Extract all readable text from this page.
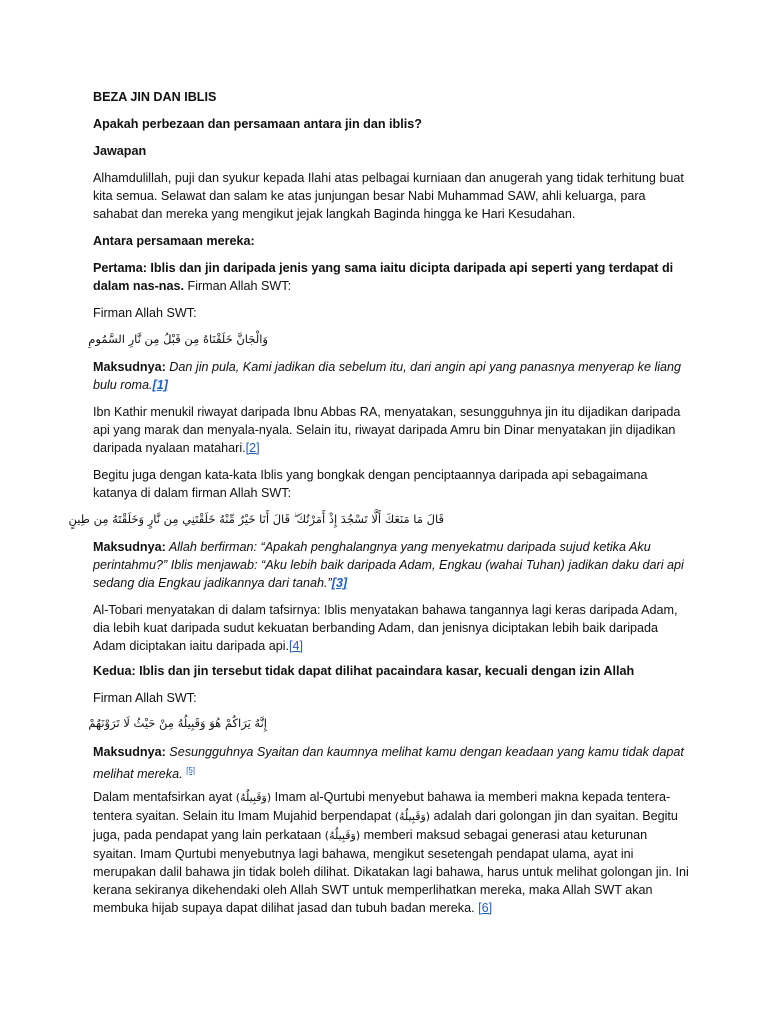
BEZA JIN DAN IBLIS

Apakah perbezaan dan persamaan antara jin dan iblis?

Jawapan

Alhamdulillah, puji dan syukur kepada Ilahi atas pelbagai kurniaan dan anugerah yang tidak terhitung buat kita semua. Selawat dan salam ke atas junjungan besar Nabi Muhammad SAW, ahli keluarga, para sahabat dan mereka yang mengikut jejak langkah Baginda hingga ke Hari Kesudahan.

Antara persamaan mereka:

Pertama: Iblis dan jin daripada jenis yang sama iaitu dicipta daripada api seperti yang terdapat di dalam nas-nas. Firman Allah SWT:

Firman Allah SWT:

وَالْجَانَّ خَلَقْنَاهُ مِن قَبْلُ مِن نَّارِ السَّمُومِ

Maksudnya: Dan jin pula, Kami jadikan dia sebelum itu, dari angin api yang panasnya menyerap ke liang bulu roma.[1]

Ibn Kathir menukil riwayat daripada Ibnu Abbas RA, menyatakan, sesungguhnya jin itu dijadikan daripada api yang marak dan menyala-nyala. Selain itu, riwayat daripada Amru bin Dinar menyatakan jin dijadikan daripada nyalaan matahari.[2]

Begitu juga dengan kata-kata Iblis yang bongkak dengan penciptaannya daripada api sebagaimana katanya di dalam firman Allah SWT:

قَالَ مَا مَنَعَكَ أَلَّا تَسْجُدَ إِذْ أَمَرْتُكَ ۖ قَالَ أَنَا خَيْرٌ مِّنْهُ خَلَقْتَنِي مِن نَّارٍ وَخَلَقْتَهُ مِن طِينٍ

Maksudnya: Allah berfirman: “Apakah penghalangnya yang menyekatmu daripada sujud ketika Aku perintahmu?” Iblis menjawab: “Aku lebih baik daripada Adam, Engkau (wahai Tuhan) jadikan daku dari api sedang dia Engkau jadikannya dari tanah.”[3]

Al-Tobari menyatakan di dalam tafsirnya: Iblis menyatakan bahawa tangannya lagi keras daripada Adam, dia lebih kuat daripada sudut kekuatan berbanding Adam, dan jenisnya diciptakan lebih baik daripada Adam diciptakan iaitu daripada api.[4]

Kedua: Iblis dan jin tersebut tidak dapat dilihat pacaindara kasar, kecuali dengan izin Allah

Firman Allah SWT:

إِنَّهُ يَرَاكُمْ هُوَ وَقَبِيلُهُ مِنْ حَيْثُ لَا تَرَوْنَهُمْ

Maksudnya: Sesungguhnya Syaitan dan kaumnya melihat kamu dengan keadaan yang kamu tidak dapat melihat mereka. [5]

Dalam mentafsirkan ayat (وَقَبِيلُهُ) Imam al-Qurtubi menyebut bahawa ia memberi makna kepada tentera-tentera syaitan. Selain itu Imam Mujahid berpendapat (وَقَبِيلُهُ) adalah dari golongan jin dan syaitan. Begitu juga, pada pendapat yang lain perkataan (وَقَبِيلُهُ) memberi maksud sebagai generasi atau keturunan syaitan. Imam Qurtubi menyebutnya lagi bahawa, mengikut sesetengah pendapat ulama, ayat ini merupakan dalil bahawa jin tidak boleh dilihat. Dikatakan lagi bahawa, harus untuk melihat golongan jin. Ini kerana sekiranya dikehendaki oleh Allah SWT untuk memperlihatkan mereka, maka Allah SWT akan membuka hijab supaya dapat dilihat jasad dan tubuh badan mereka. [6]
